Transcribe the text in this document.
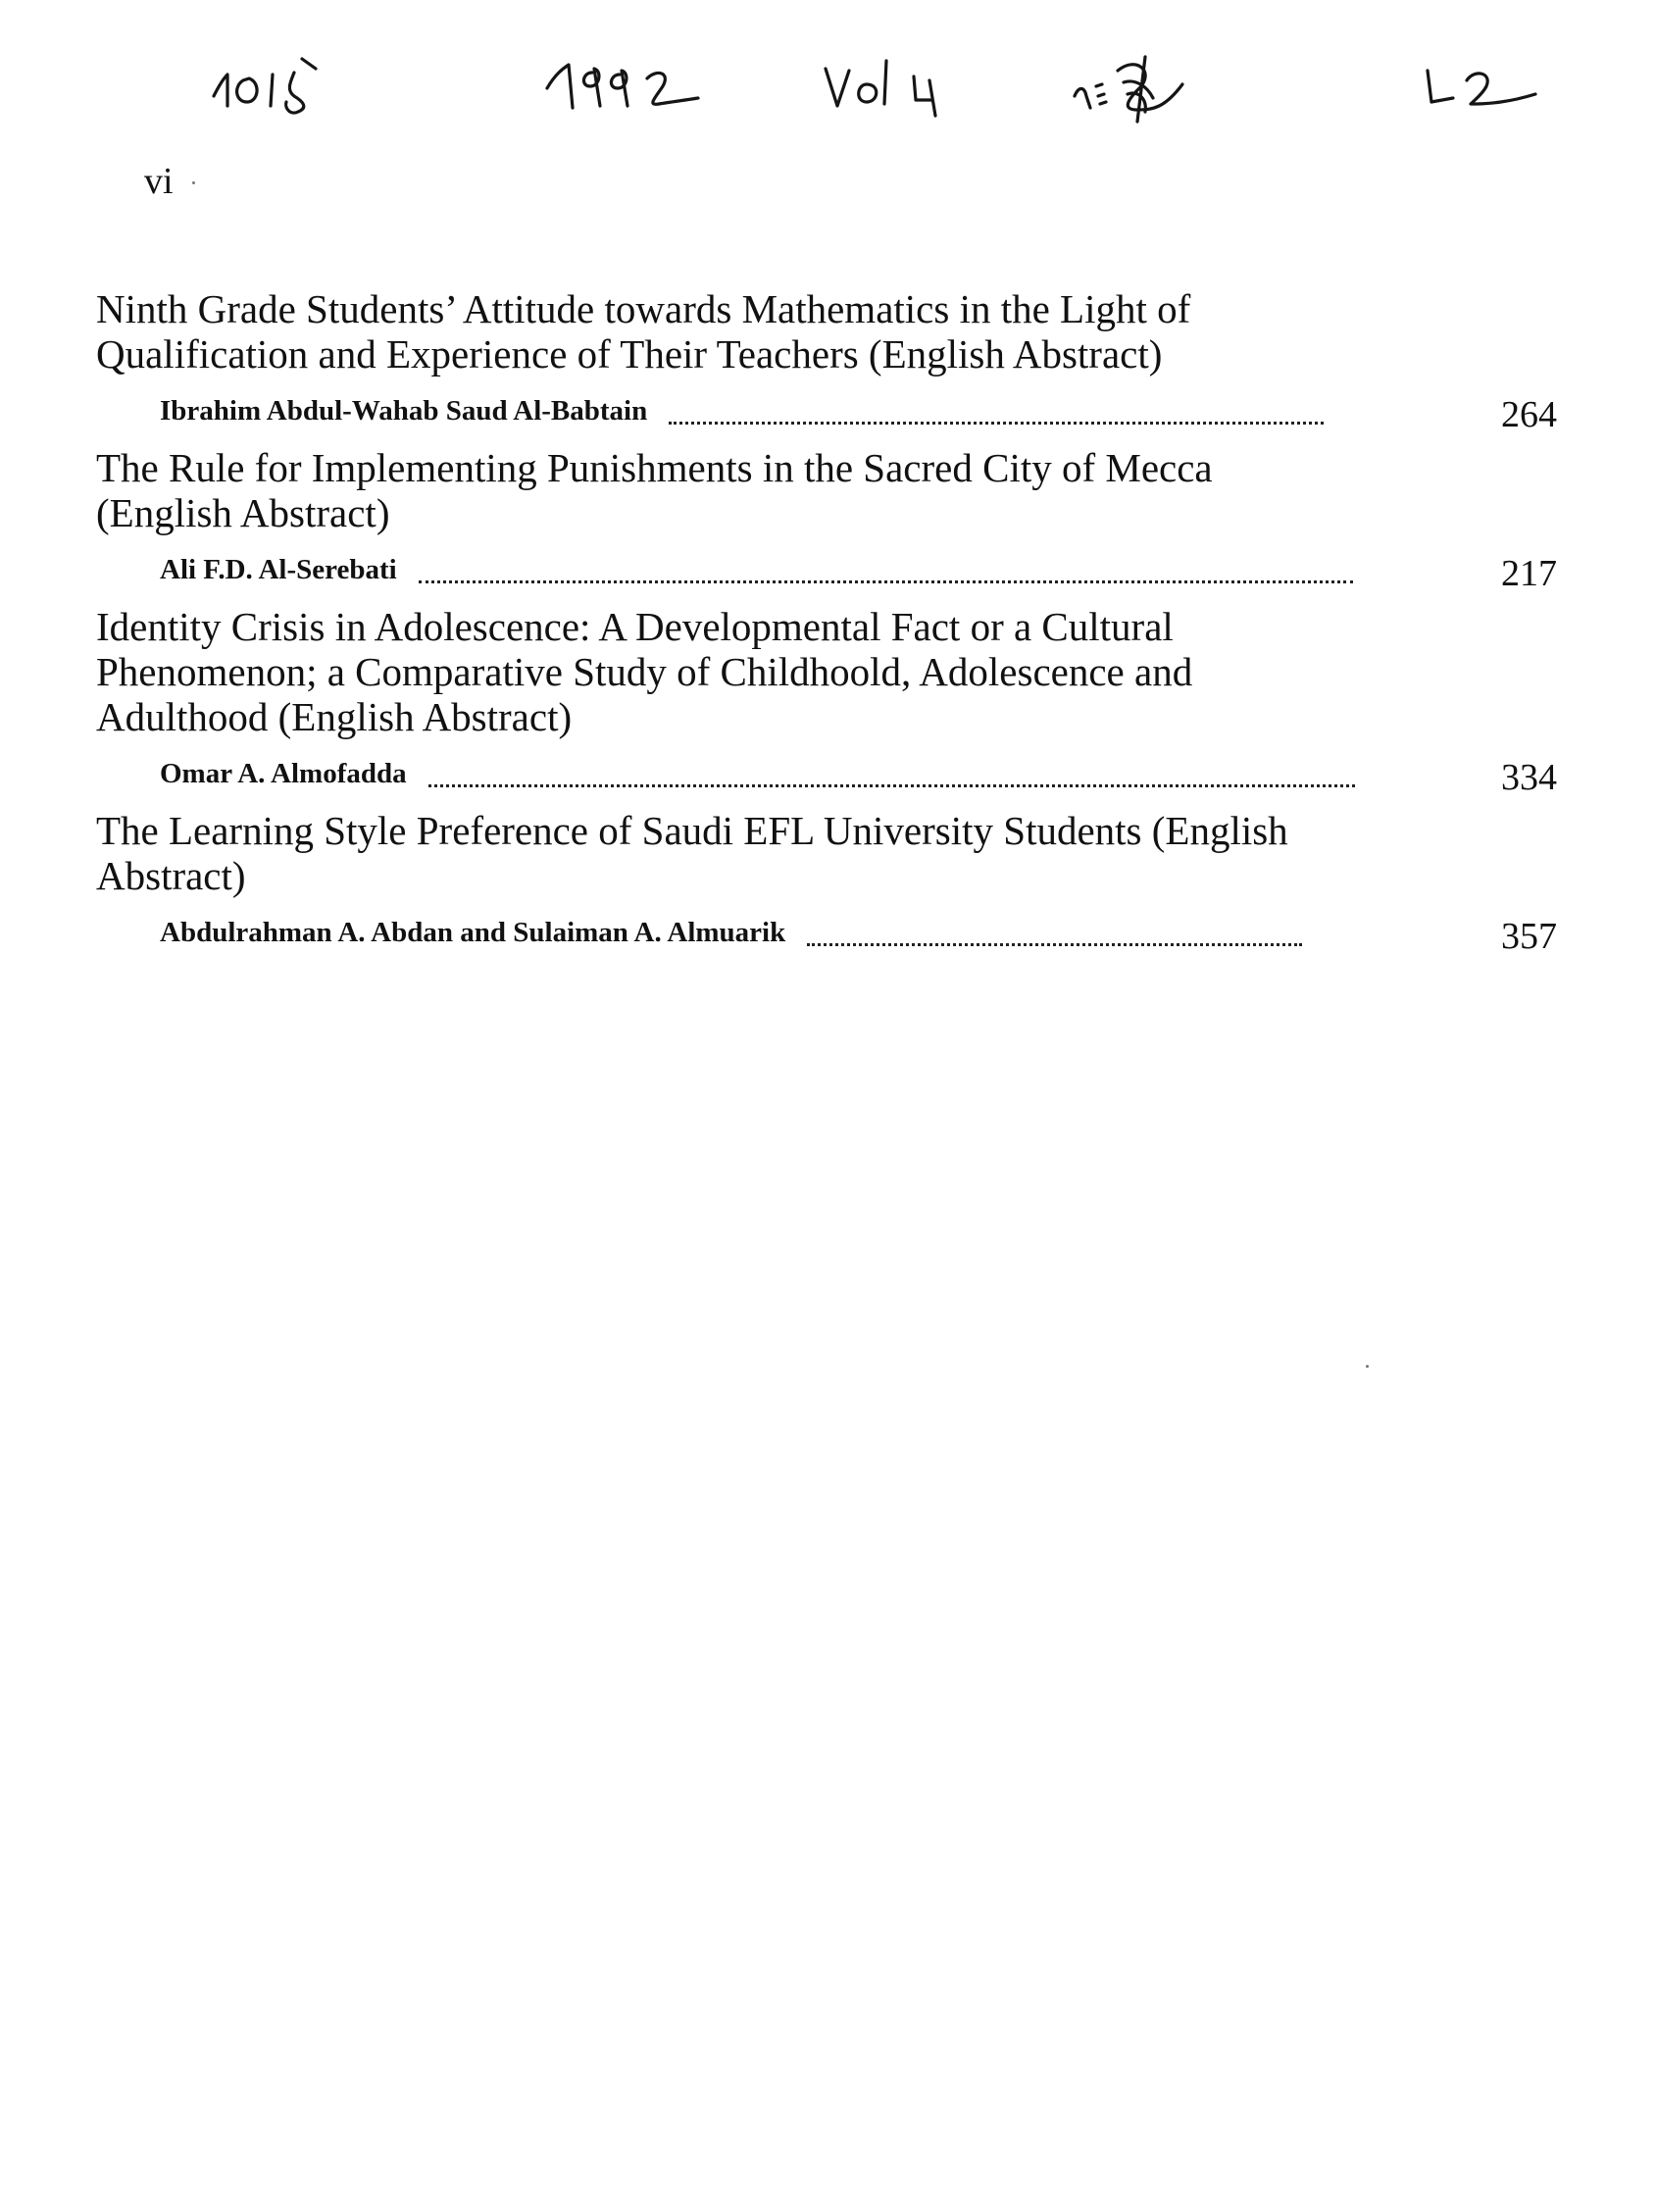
vi
Ninth Grade Students’ Attitude towards Mathematics in the Light of Qualification and Experience of Their Teachers (English Abstract)
Ibrahim Abdul-Wahab Saud Al-Babtain	264
The Rule for Implementing Punishments in the Sacred City of Mecca (English Abstract)
Ali F.D. Al-Serebati	217
Identity Crisis in Adolescence: A Developmental Fact or a Cultural Phenomenon; a Comparative Study of Childhoold, Adolescence and Adulthood (English Abstract)
Omar A. Almofadda	334
The Learning Style Preference of Saudi EFL University Students (English Abstract)
Abdulrahman A. Abdan and Sulaiman A. Almuarik	357
